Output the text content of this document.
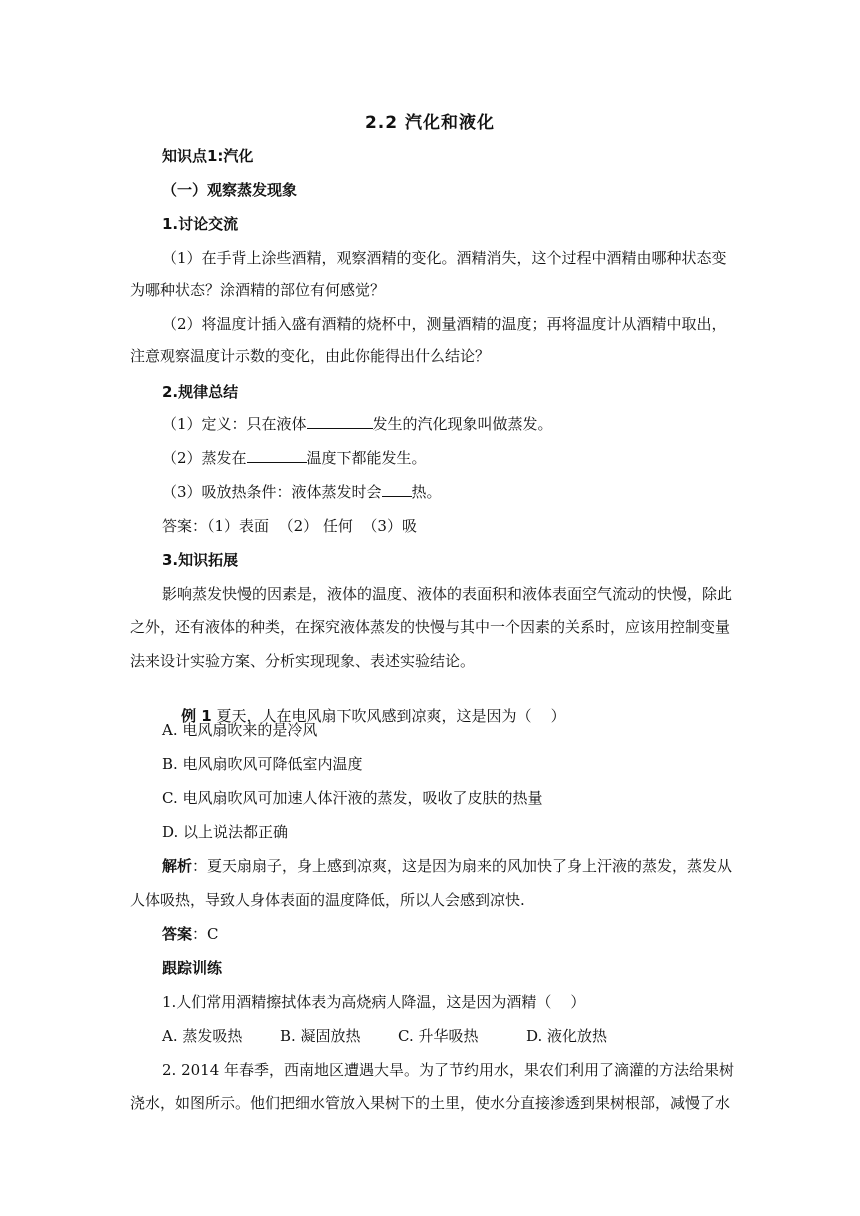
2.2 汽化和液化
知识点1:汽化
（一）观察蒸发现象
1.讨论交流
（1）在手背上涂些酒精，观察酒精的变化。酒精消失，这个过程中酒精由哪种状态变
为哪种状态？涂酒精的部位有何感觉？
（2）将温度计插入盛有酒精的烧杯中，测量酒精的温度；再将温度计从酒精中取出，
注意观察温度计示数的变化，由此你能得出什么结论？
2.规律总结
（1）定义：只在液体	发生的汽化现象叫做蒸发。
（2）蒸发在	温度下都能发生。
（3）吸放热条件：液体蒸发时会 热。
答案：（1）表面  （2） 任何  （3）吸
3.知识拓展
影响蒸发快慢的因素是，液体的温度、液体的表面积和液体表面空气流动的快慢，除此
之外，还有液体的种类，在探究液体蒸发的快慢与其中一个因素的关系时，应该用控制变量
法来设计实验方案、分析实现现象、表述实验结论。

例 1 夏天，人在电风扇下吹风感到凉爽，这是因为（    ）

A. 电风扇吹来的是冷风
B. 电风扇吹风可降低室内温度
C. 电风扇吹风可加速人体汗液的蒸发，吸收了皮肤的热量
D. 以上说法都正确
解析：夏天扇扇子，身上感到凉爽，这是因为扇来的风加快了身上汗液的蒸发，蒸发从
人体吸热，导致人身体表面的温度降低，所以人会感到凉快.
答案：C
跟踪训练
1.人们常用酒精擦拭体表为高烧病人降温，这是因为酒精（    ）
A. 蒸发吸热	B. 凝固放热 C. 升华吸热	D. 液化放热
2. 2014 年春季，西南地区遭遇大旱。为了节约用水，果农们利用了滴灌的方法给果树
浇水，如图所示。他们把细水管放入果树下的土里，使水分直接渗透到果树根部，减慢了水
